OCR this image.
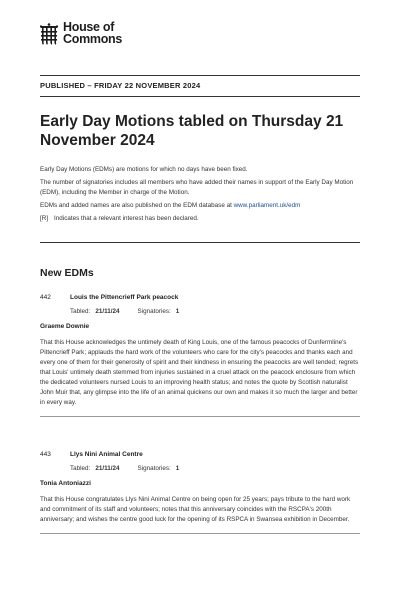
House of
Commons
PUBLISHED – FRIDAY 22 NOVEMBER 2024
Early Day Motions tabled on Thursday 21 November 2024

Early Day Motions (EDMs) are motions for which no days have been fixed.

The number of signatories includes all members who have added their names in support of the Early Day Motion (EDM), including the Member in charge of the Motion.

EDMs and added names are also published on the EDM database at www.parliament.uk/edm

[R] Indicates that a relevant interest has been declared.

New EDMs
442	Louis the Pittencrieff Park peacock
Tabled: 21/11/24	Signatories: 1
Graeme Downie
That this House acknowledges the untimely death of King Louis, one of the famous peacocks of Dunfermline's Pittencrieff Park; applauds the hard work of the volunteers who care for the city's peacocks and thanks each and every one of them for their generosity of spirit and their kindness in ensuring the peacocks are well tended; regrets that Louis' untimely death stemmed from injuries sustained in a cruel attack on the peacock enclosure from which the dedicated volunteers nursed Louis to an improving health status; and notes the quote by Scottish naturalist John Muir that, any glimpse into the life of an animal quickens our own and makes it so much the larger and better in every way.
443	Llys Nini Animal Centre
Tabled: 21/11/24	Signatories: 1
Tonia Antoniazzi
That this House congratulates Llys Nini Animal Centre on being open for 25 years; pays tribute to the hard work and commitment of its staff and volunteers; notes that this anniversary coincides with the RSCPA's 200th anniversary; and wishes the centre good luck for the opening of its RSPCA in Swansea exhibition in December.
